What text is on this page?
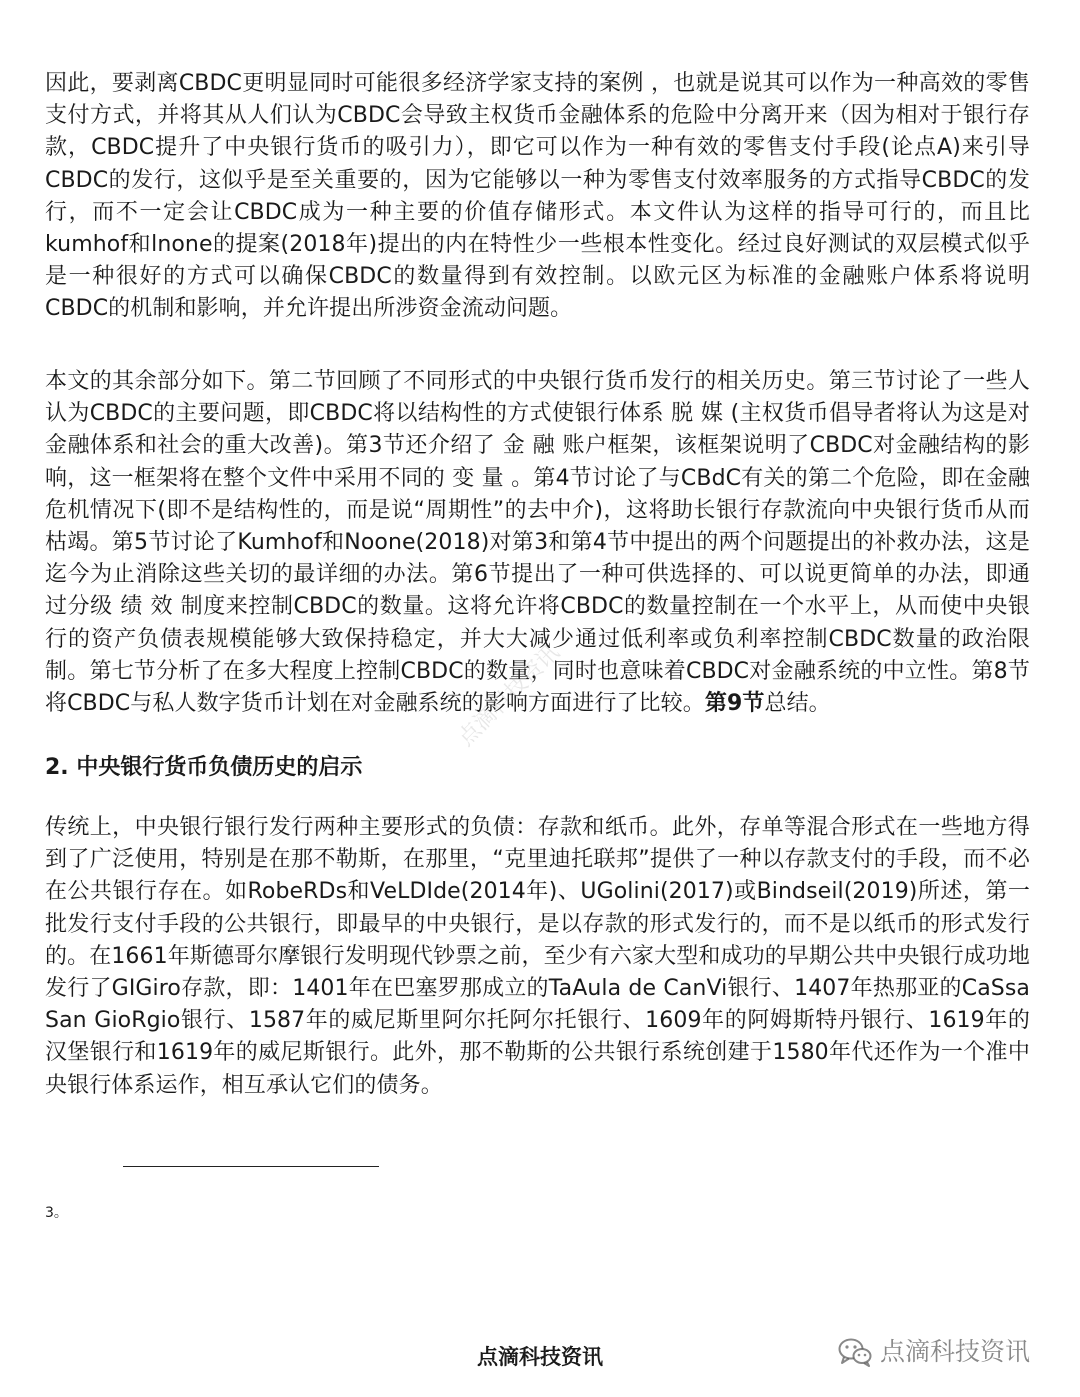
因此，要剥离CBDC更明显同时可能很多经济学家支持的案例 ，也就是说其可以作为一种高效的零售支付方式，并将其从人们认为CBDC会导致主权货币金融体系的危险中分离开来（因为相对于银行存款，CBDC提升了中央银行货币的吸引力），即它可以作为一种有效的零售支付手段(论点A)来引导CBDC的发行，这似乎是至关重要的，因为它能够以一种为零售支付效率服务的方式指导CBDC的发行，而不一定会让CBDC成为一种主要的价值存储形式。本文件认为这样的指导可行的，而且比kumhof和lnone的提案(2018年)提出的内在特性少一些根本性变化。经过良好测试的双层模式似乎是一种很好的方式可以确保CBDC的数量得到有效控制。以欧元区为标准的金融账户体系将说明CBDC的机制和影响，并允许提出所涉资金流动问题。

本文的其余部分如下。第二节回顾了不同形式的中央银行货币发行的相关历史。第三节讨论了一些人认为CBDC的主要问题，即CBDC将以结构性的方式使银行体系 脱 媒 (主权货币倡导者将认为这是对金融体系和社会的重大改善)。第3节还介绍了 金 融 账户框架，该框架说明了CBDC对金融结构的影响，这一框架将在整个文件中采用不同的 变 量 。第4节讨论了与CBdC有关的第二个危险，即在金融危机情况下(即不是结构性的，而是说“周期性”的去中介)，这将助长银行存款流向中央银行货币从而枯竭。第5节讨论了Kumhof和Noone(2018)对第3和第4节中提出的两个问题提出的补救办法，这是迄今为止消除这些关切的最详细的办法。第6节提出了一种可供选择的、可以说更简单的办法，即通过分级 绩 效 制度来控制CBDC的数量。这将允许将CBDC的数量控制在一个水平上，从而使中央银行的资产负债表规模能够大致保持稳定，并大大减少通过低利率或负利率控制CBDC数量的政治限制。第七节分析了在多大程度上控制CBDC的数量，同时也意味着CBDC对金融系统的中立性。第8节将CBDC与私人数字货币计划在对金融系统的影响方面进行了比较。第9节总结。

点滴科技资讯
2. 中央银行货币负债历史的启示

传统上，中央银行银行发行两种主要形式的负债：存款和纸币。此外，存单等混合形式在一些地方得到了广泛使用，特别是在那不勒斯，在那里，“克里迪托联邦”提供了一种以存款支付的手段，而不必在公共银行存在。如RobeRDs和VeLDIde(2014年)、UGolini(2017)或Bindseil(2019)所述，第一批发行支付手段的公共银行，即最早的中央银行，是以存款的形式发行的，而不是以纸币的形式发行的。在1661年斯德哥尔摩银行发明现代钞票之前，至少有六家大型和成功的早期公共中央银行成功地发行了GIGiro存款，即：1401年在巴塞罗那成立的TaAula de CanVi银行、1407年热那亚的CaSsa San GioRgio银行、1587年的威尼斯里阿尔托阿尔托银行、1609年的阿姆斯特丹银行、1619年的汉堡银行和1619年的威尼斯银行。此外，那不勒斯的公共银行系统创建于1580年代还作为一个准中央银行体系运作，相互承认它们的债务。

3。
点滴科技资讯	点滴科技资讯
